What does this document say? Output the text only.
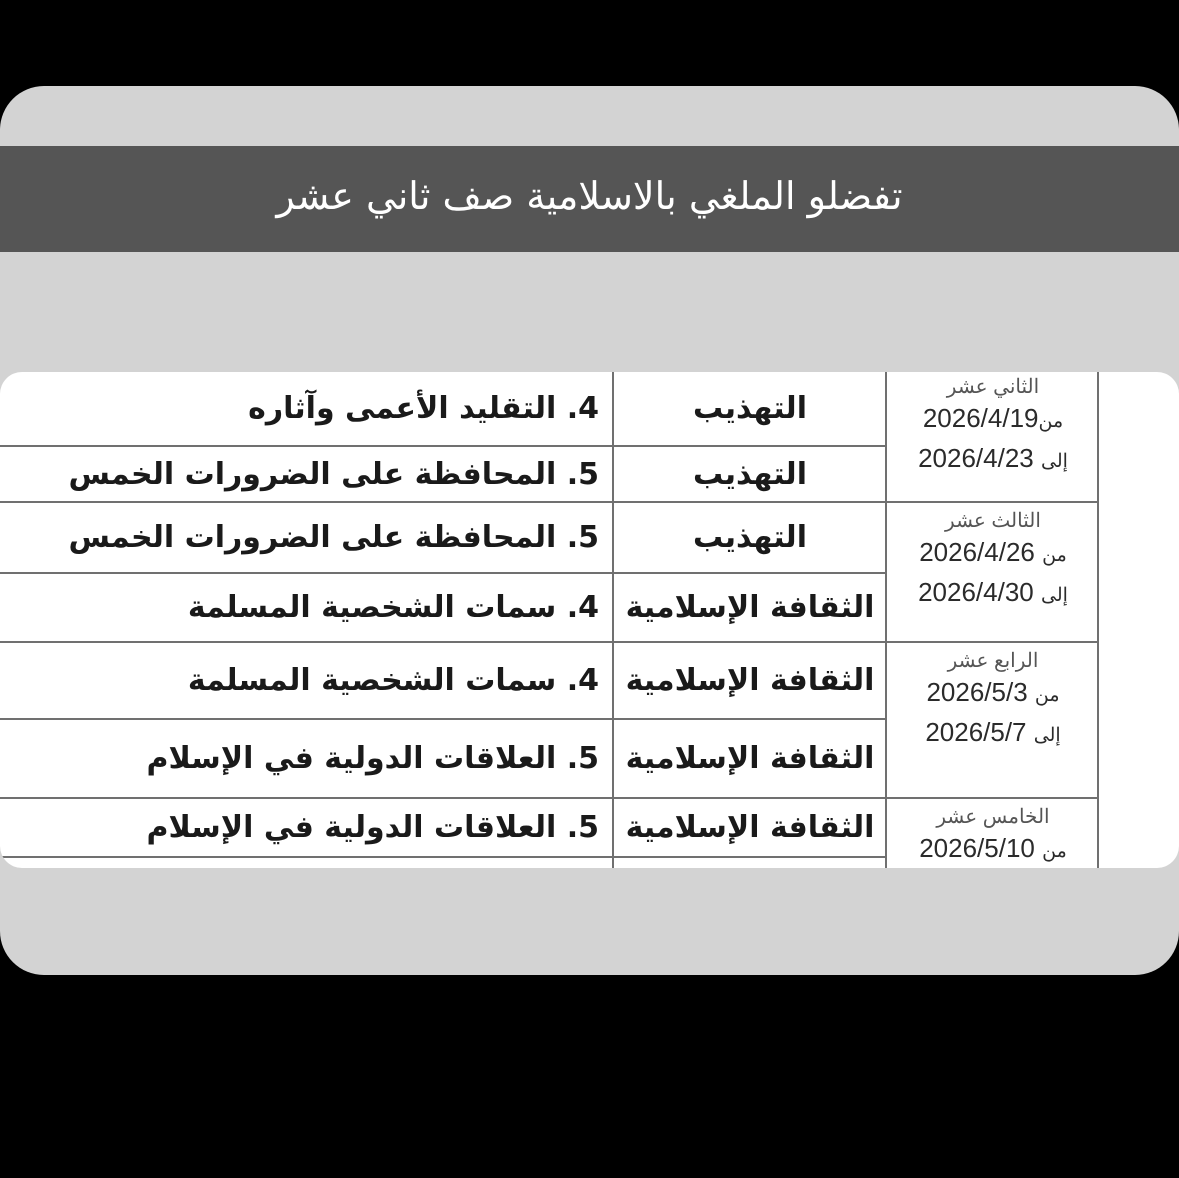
تفضلو الملغي بالاسلامية صف ثاني عشر
التهذيب
4. التقليد الأعمى وآثاره
التهذيب
5. المحافظة على الضرورات الخمس
التهذيب
5. المحافظة على الضرورات الخمس
الثقافة الإسلامية
4. سمات الشخصية المسلمة
الثقافة الإسلامية
4. سمات الشخصية المسلمة
الثقافة الإسلامية
5. العلاقات الدولية في الإسلام
الثقافة الإسلامية
5. العلاقات الدولية في الإسلام
الثاني عشر
من2026/4/19
إلى 2026/4/23
الثالث عشر
من 2026/4/26
إلى 2026/4/30
الرابع عشر
من 2026/5/3
إلى 2026/5/7
الخامس عشر
من 2026/5/10
